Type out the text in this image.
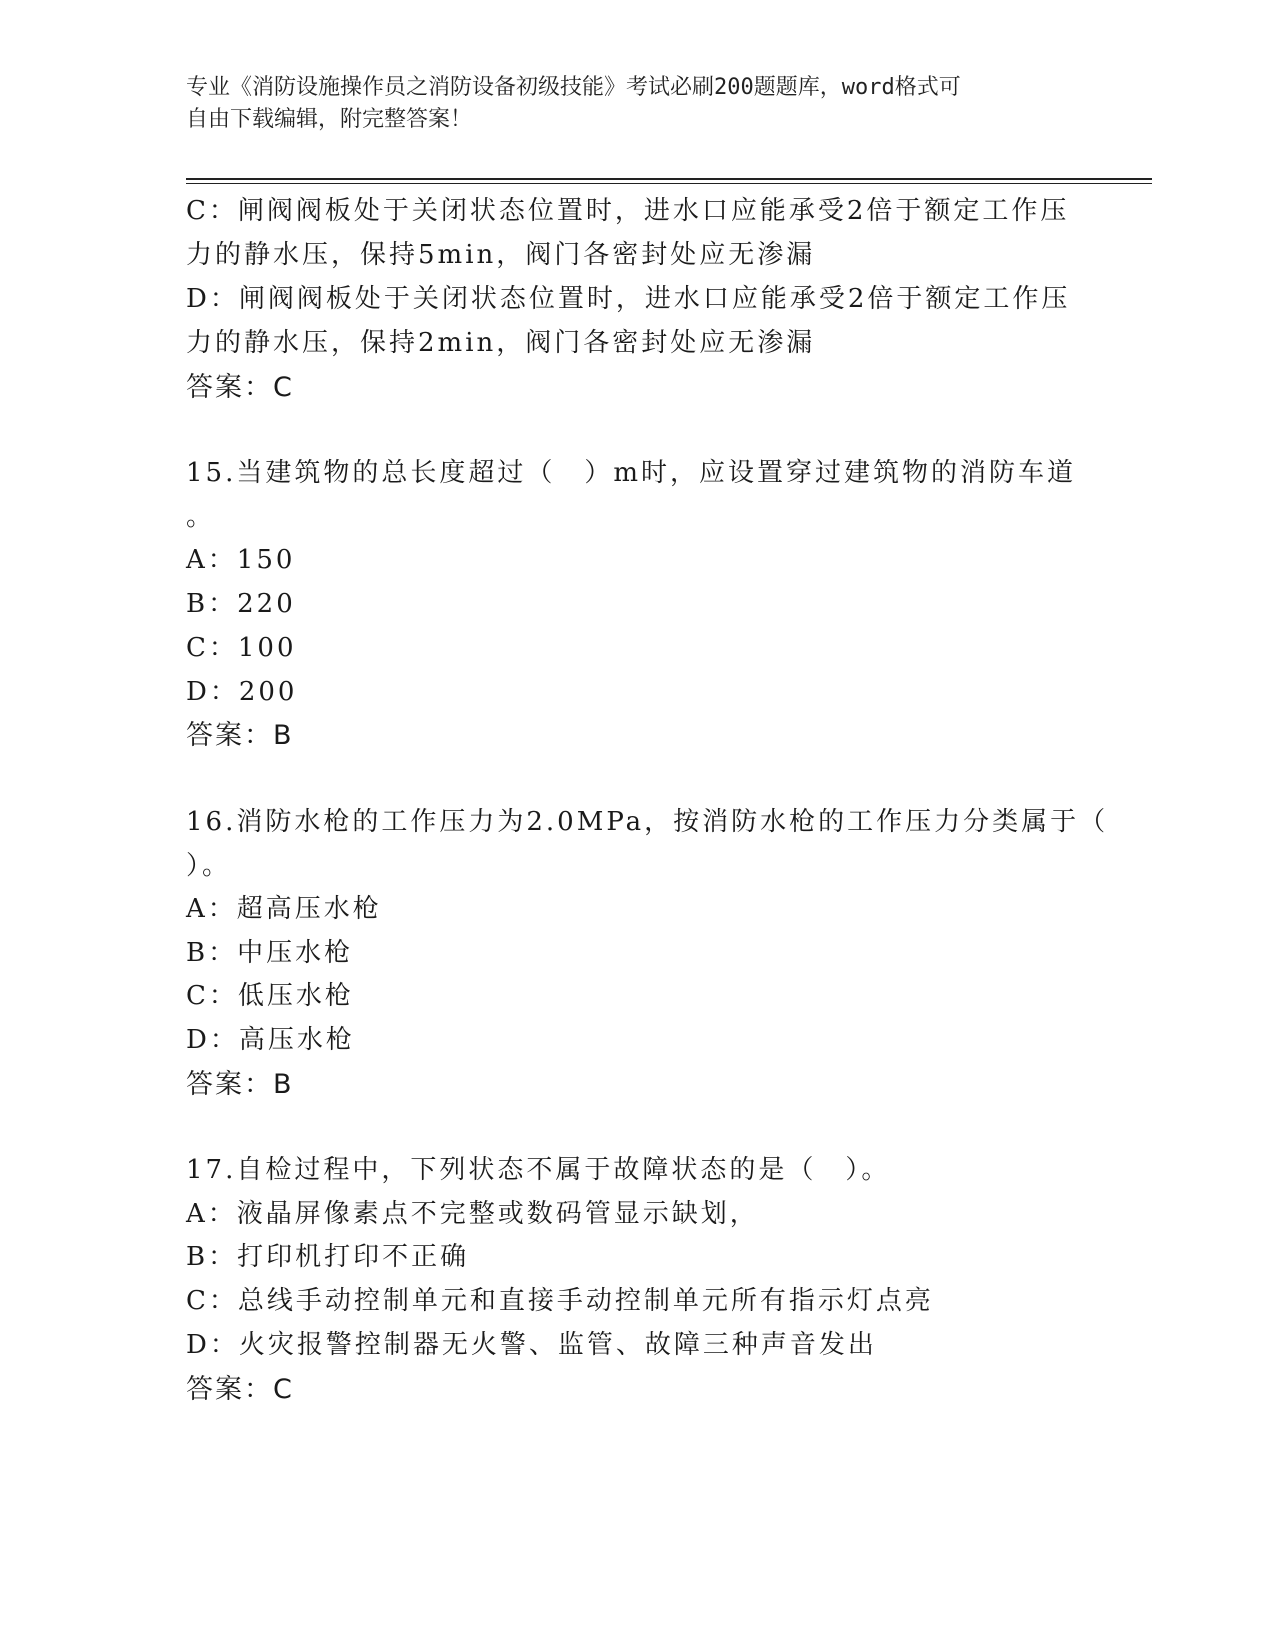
专业《消防设施操作员之消防设备初级技能》考试必刷200题题库，word格式可
自由下载编辑，附完整答案！
C：闸阀阀板处于关闭状态位置时，进水口应能承受2倍于额定工作压
力的静水压，保持5min，阀门各密封处应无渗漏
D：闸阀阀板处于关闭状态位置时，进水口应能承受2倍于额定工作压
力的静水压，保持2min，阀门各密封处应无渗漏
答案：C
15.当建筑物的总长度超过（　）m时，应设置穿过建筑物的消防车道
。
A：150
B：220
C：100
D：200
答案：B
16.消防水枪的工作压力为2.0MPa，按消防水枪的工作压力分类属于（
）。
A：超高压水枪
B：中压水枪
C：低压水枪
D：高压水枪
答案：B
17.自检过程中，下列状态不属于故障状态的是（　）。
A：液晶屏像素点不完整或数码管显示缺划，
B：打印机打印不正确
C：总线手动控制单元和直接手动控制单元所有指示灯点亮
D：火灾报警控制器无火警、监管、故障三种声音发出
答案：C
